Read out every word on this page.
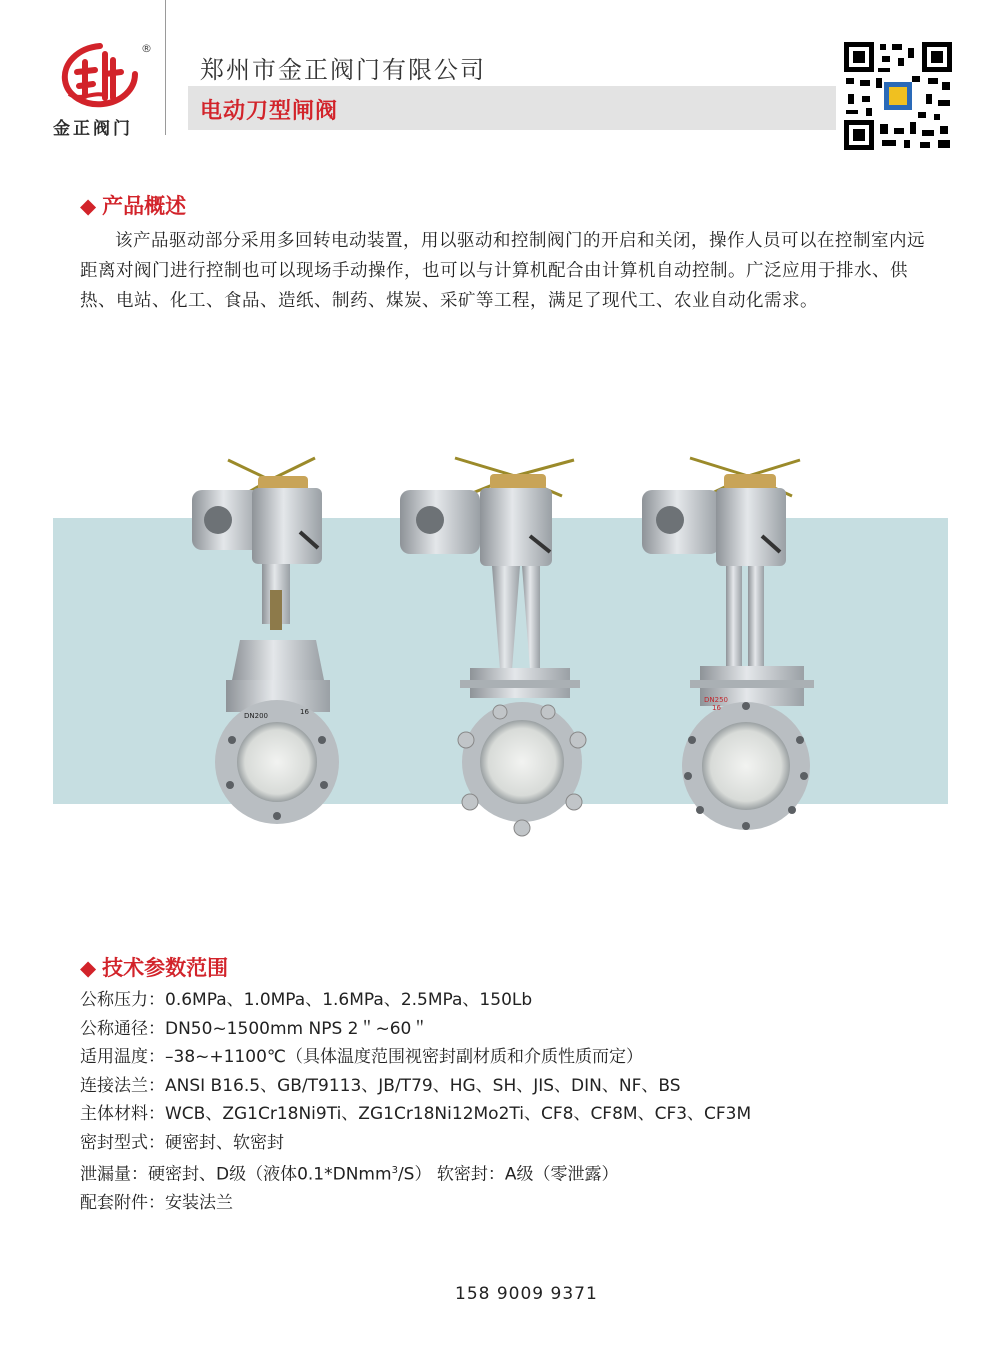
®
金正阀门
郑州市金正阀门有限公司
电动刀型闸阀
◆ 产品概述
该产品驱动部分采用多回转电动装置，用以驱动和控制阀门的开启和关闭，操作人员可以在控制室内远距离对阀门进行控制也可以现场手动操作，也可以与计算机配合由计算机自动控制。广泛应用于排水、供热、电站、化工、食品、造纸、制药、煤炭、采矿等工程，满足了现代工、农业自动化需求。
DN200	16
DN250
16
◆ 技术参数范围
公称压力：0.6MPa、1.0MPa、1.6MPa、2.5MPa、150Lb
公称通径：DN50~1500mm NPS 2＂~60＂
适用温度：–38~+1100℃（具体温度范围视密封副材质和介质性质而定）
连接法兰：ANSI B16.5、GB/T9113、JB/T79、HG、SH、JIS、DIN、NF、BS
主体材料：WCB、ZG1Cr18Ni9Ti、ZG1Cr18Ni12Mo2Ti、CF8、CF8M、CF3、CF3M
密封型式：硬密封、软密封
泄漏量：硬密封、D级（液体0.1*DNmm$^3$/S） 软密封：A级（零泄露）
配套附件：安装法兰
158 9009 9371
